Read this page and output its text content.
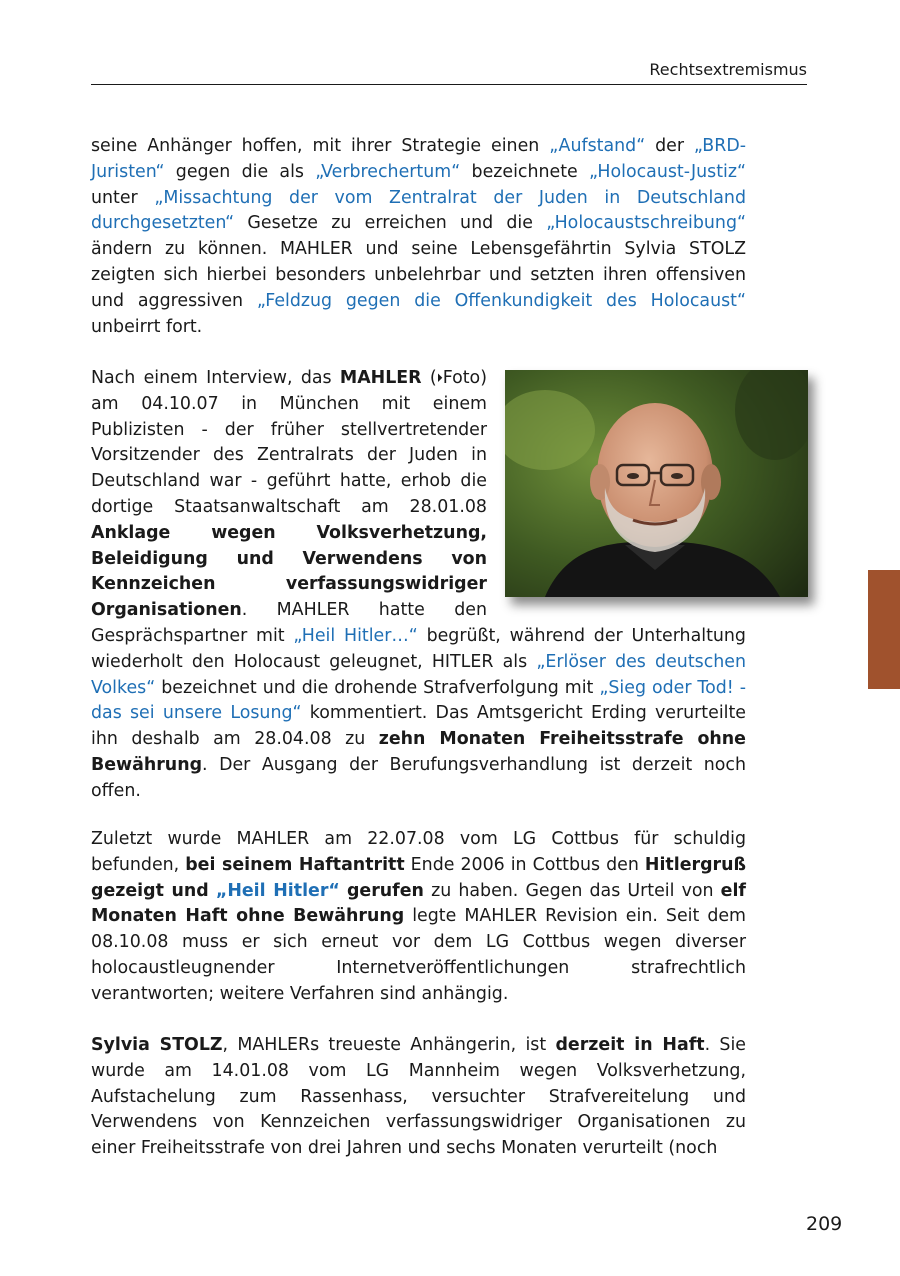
Rechtsextremismus

seine Anhänger hoffen, mit ihrer Strategie einen „Aufstand“ der „BRD-Juristen“ gegen die als „Verbrechertum“ bezeichnete „Holocaust-Justiz“ unter „Missachtung der vom Zentralrat der Juden in Deutschland durchgesetzten“ Gesetze zu erreichen und die „Holocaustschreibung“ ändern zu können. MAHLER und seine Lebensgefährtin Sylvia STOLZ zeigten sich hierbei besonders unbelehrbar und setzten ihren offensiven und aggressiven „Feldzug gegen die Offenkundigkeit des Holocaust“ unbeirrt fort.

Nach einem Interview, das MAHLER (⏵Foto) am 04.10.07 in München mit einem Publizisten - der früher stellvertretender Vorsitzender des Zentralrats der Juden in Deutschland war - geführt hatte, erhob die dortige Staatsanwaltschaft am 28.01.08 Anklage wegen Volksverhetzung, Beleidigung und Verwendens von Kennzeichen verfassungswidriger Organisationen. MAHLER hatte den Gesprächspartner mit „Heil Hitler…“ begrüßt, während der Unterhaltung wiederholt den Holocaust geleugnet, HITLER als „Erlöser des deutschen Volkes“ bezeichnet und die drohende Strafverfolgung mit „Sieg oder Tod! - das sei unsere Losung“ kommentiert. Das Amtsgericht Erding verurteilte ihn deshalb am 28.04.08 zu zehn Monaten Freiheitsstrafe ohne Bewährung. Der Ausgang der Berufungsverhandlung ist derzeit noch offen.

Zuletzt wurde MAHLER am 22.07.08 vom LG Cottbus für schuldig befunden, bei seinem Haftantritt Ende 2006 in Cottbus den Hitlergruß gezeigt und „Heil Hitler“ gerufen zu haben. Gegen das Urteil von elf Monaten Haft ohne Bewährung legte MAHLER Revision ein. Seit dem 08.10.08 muss er sich erneut vor dem LG Cottbus wegen diverser holocaustleugnender Internetveröffentlichungen strafrechtlich verantworten; weitere Verfahren sind anhängig.

Sylvia STOLZ, MAHLERs treueste Anhängerin, ist derzeit in Haft. Sie wurde am 14.01.08 vom LG Mannheim wegen Volksverhetzung, Aufstachelung zum Rassenhass, versuchter Strafvereitelung und Verwendens von Kennzeichen verfassungswidriger Organisationen zu einer Freiheitsstrafe von drei Jahren und sechs Monaten verurteilt (noch

209
